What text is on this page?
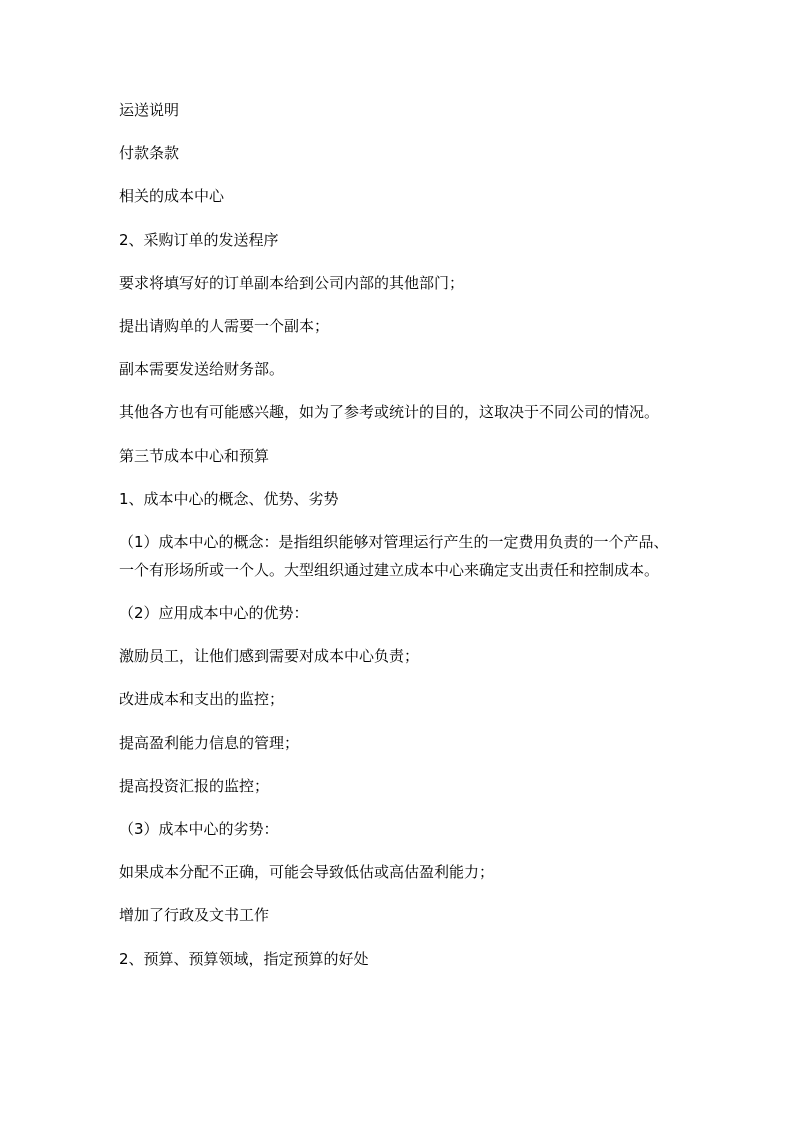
运送说明

付款条款

相关的成本中心

2、采购订单的发送程序

要求将填写好的订单副本给到公司内部的其他部门；

提出请购单的人需要一个副本；

副本需要发送给财务部。

其他各方也有可能感兴趣，如为了参考或统计的目的，这取决于不同公司的情况。

第三节成本中心和预算

1、成本中心的概念、优势、劣势

（1）成本中心的概念：是指组织能够对管理运行产生的一定费用负责的一个产品、一个有形场所或一个人。大型组织通过建立成本中心来确定支出责任和控制成本。

（2）应用成本中心的优势：

激励员工，让他们感到需要对成本中心负责；

改进成本和支出的监控；

提高盈利能力信息的管理；

提高投资汇报的监控；

（3）成本中心的劣势：

如果成本分配不正确，可能会导致低估或高估盈利能力；

增加了行政及文书工作

2、预算、预算领域，指定预算的好处
